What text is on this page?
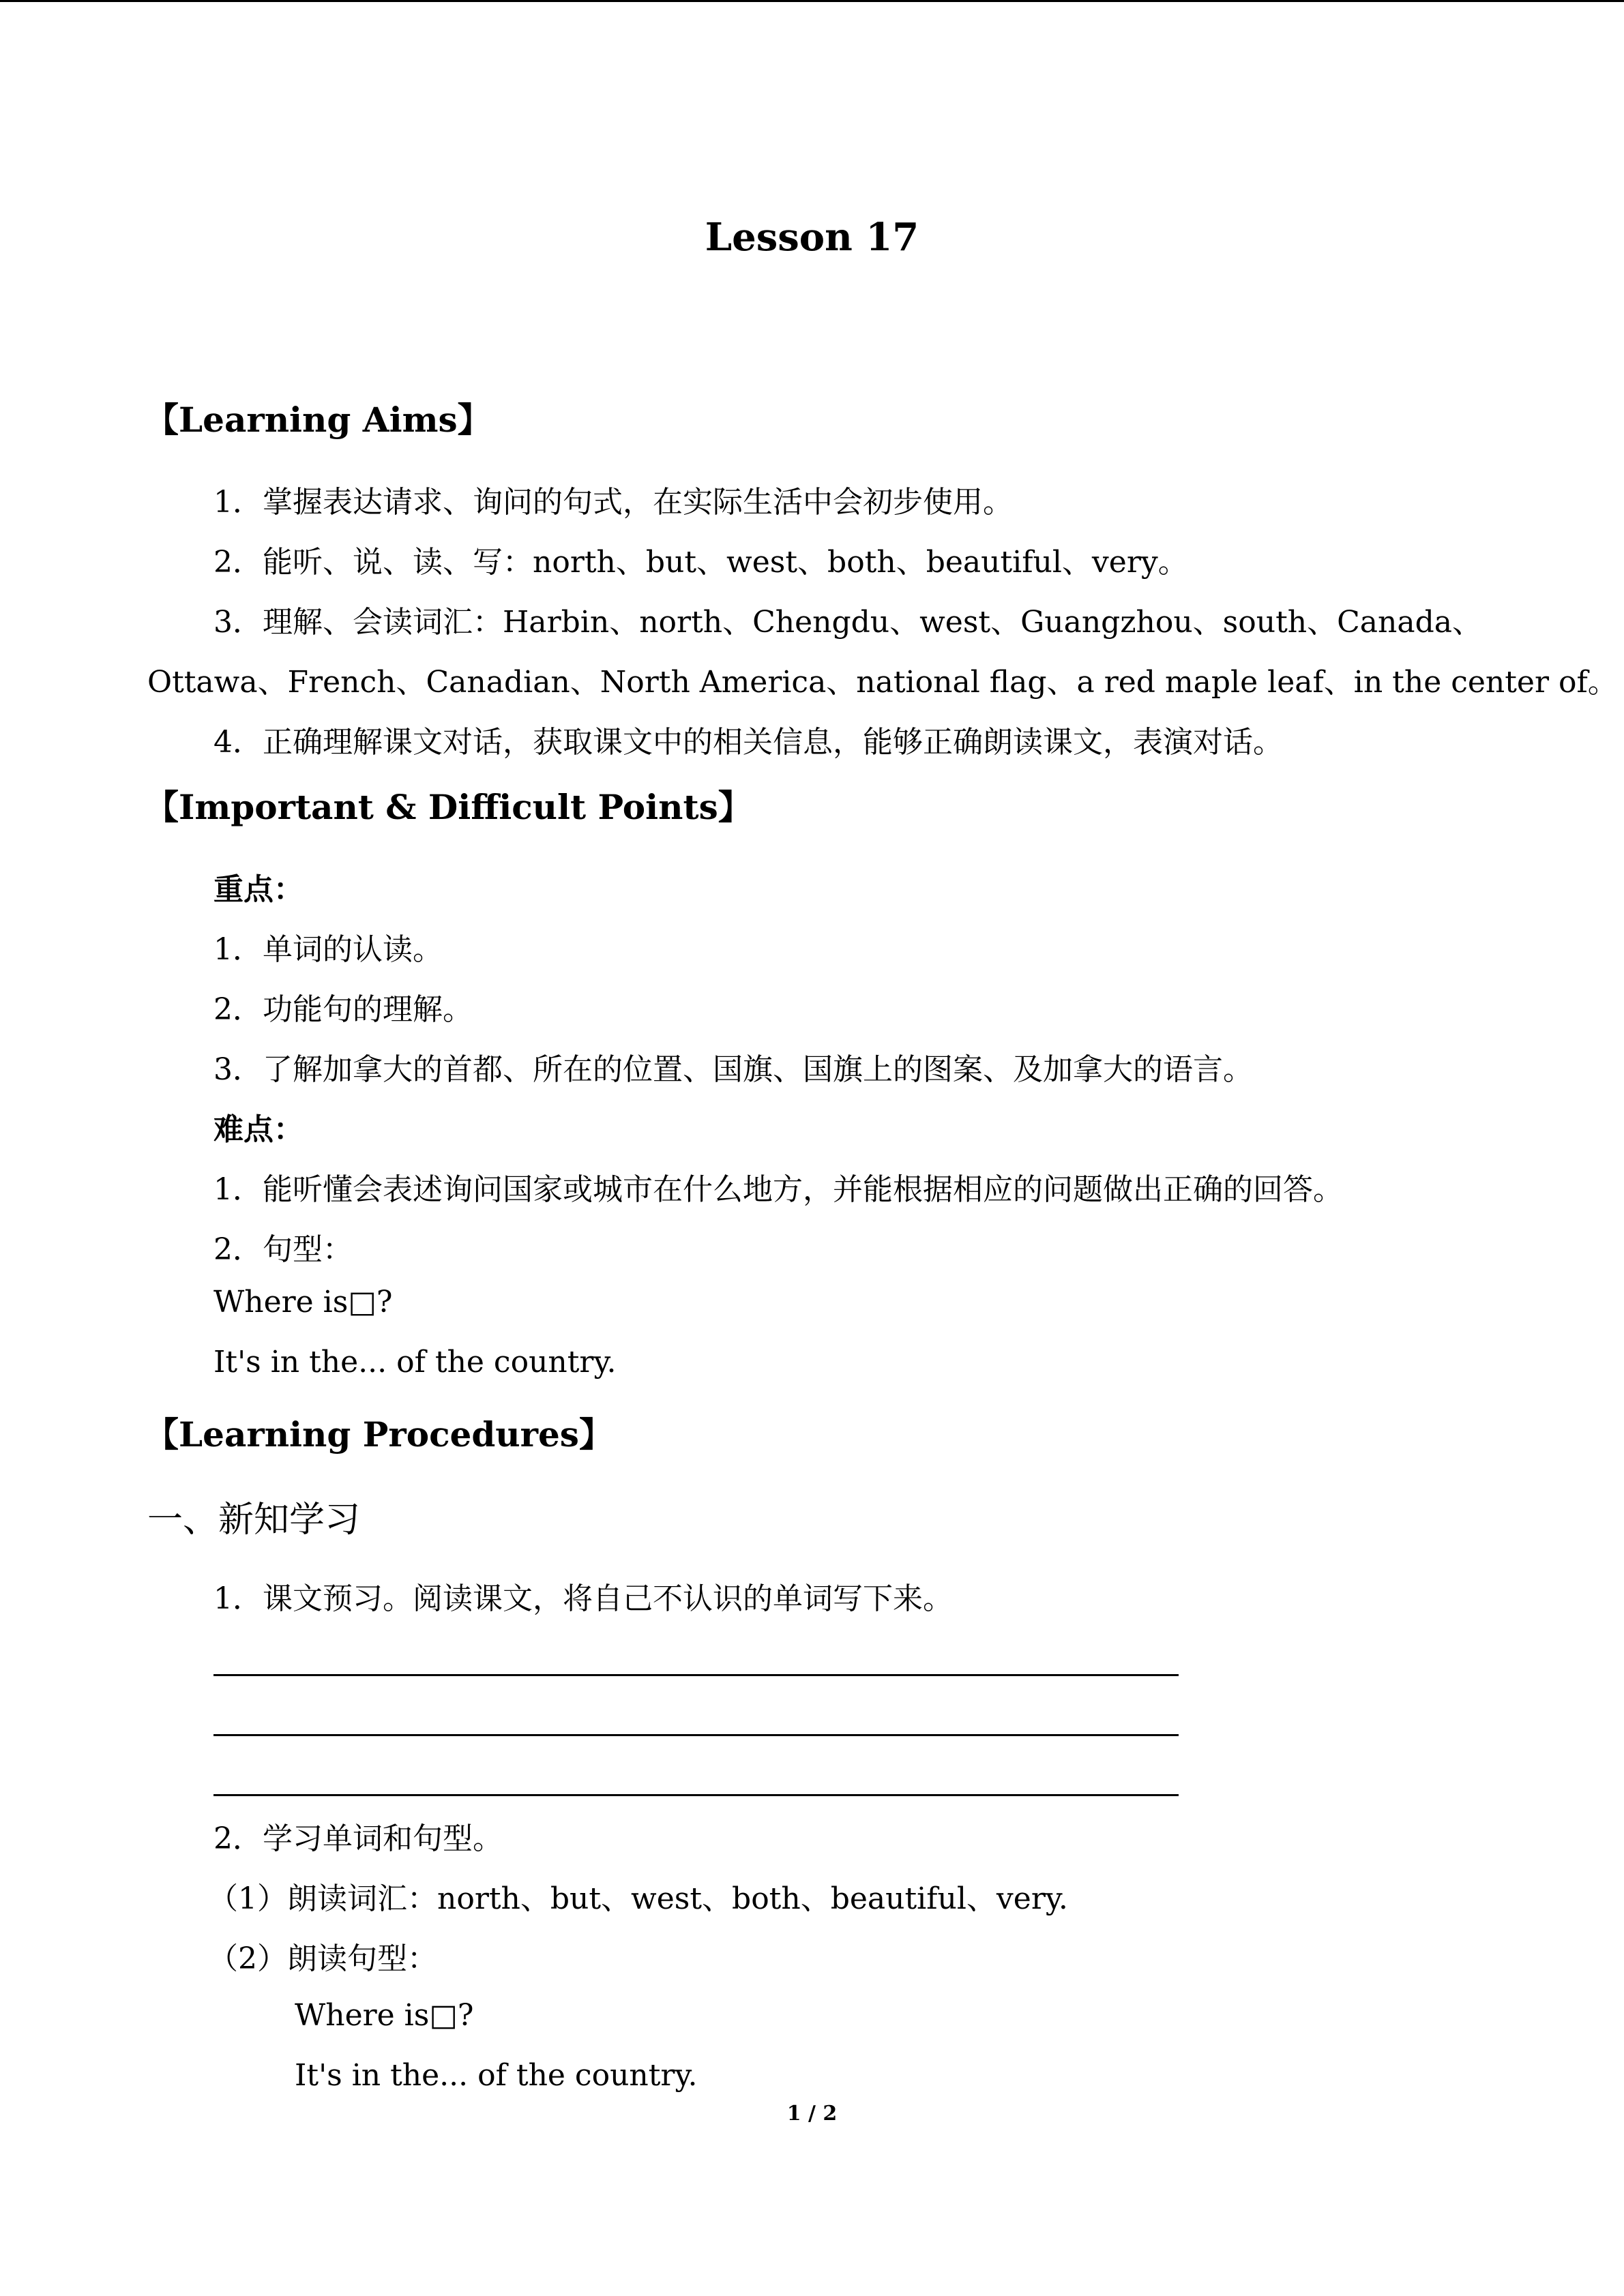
Lesson 17
【Learning Aims】
1．掌握表达请求、询问的句式，在实际生活中会初步使用。
2．能听、说、读、写：north、but、west、both、beautiful、very。
3．理解、会读词汇：Harbin、north、Chengdu、west、Guangzhou、south、Canada、
Ottawa、French、Canadian、North America、national flag、a red maple leaf、in the center of。
4．正确理解课文对话，获取课文中的相关信息，能够正确朗读课文，表演对话。
【Important & Difficult Points】
重点：
1．单词的认读。
2．功能句的理解。
3．了解加拿大的首都、所在的位置、国旗、国旗上的图案、及加拿大的语言。
难点：
1．能听懂会表述询问国家或城市在什么地方，并能根据相应的问题做出正确的回答。
2．句型：
Where is□?
It's in the... of the country.
【Learning Procedures】
一、新知学习
1．课文预习。阅读课文，将自己不认识的单词写下来。
2．学习单词和句型。
（1）朗读词汇：north、but、west、both、beautiful、very.
（2）朗读句型：
Where is□?
It's in the... of the country.
1 / 2
